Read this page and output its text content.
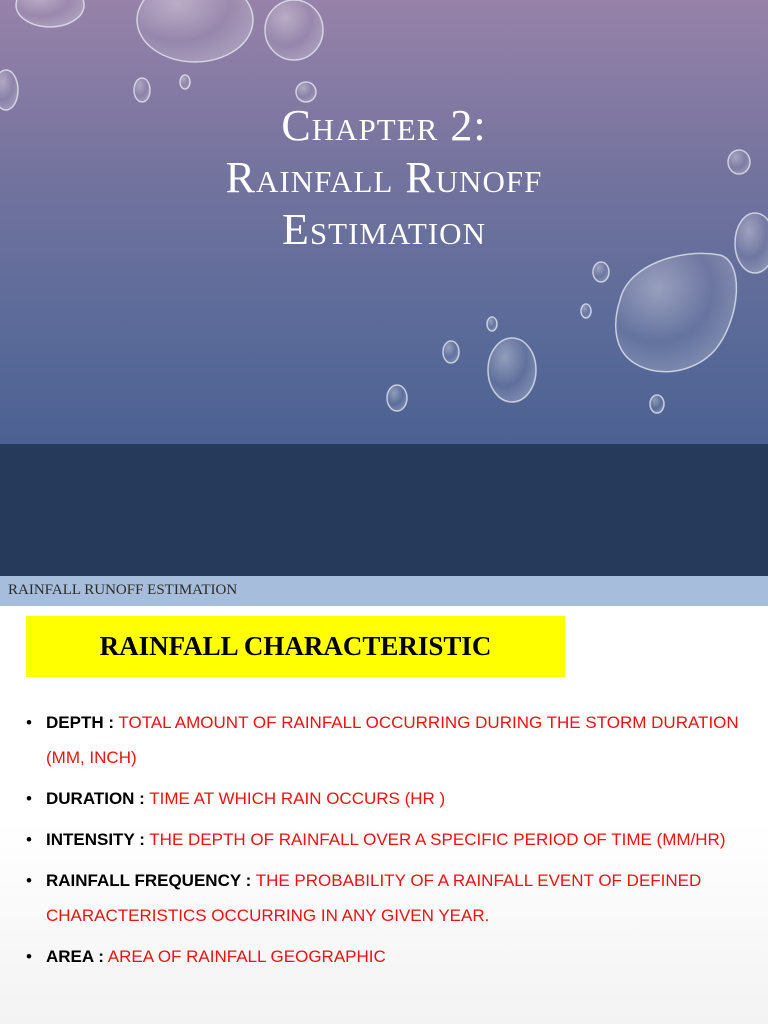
Chapter 2:
Rainfall Runoff
Estimation
RAINFALL RUNOFF ESTIMATION
RAINFALL CHARACTERISTIC
• DEPTH : TOTAL AMOUNT OF RAINFALL OCCURRING DURING THE STORM DURATION (MM, INCH)
• DURATION : TIME AT WHICH RAIN OCCURS (HR )
• INTENSITY : THE DEPTH OF RAINFALL OVER A SPECIFIC PERIOD OF TIME (MM/HR)
• RAINFALL FREQUENCY : THE PROBABILITY OF A RAINFALL EVENT OF DEFINED CHARACTERISTICS OCCURRING IN ANY GIVEN YEAR.
• AREA : AREA OF RAINFALL GEOGRAPHIC
